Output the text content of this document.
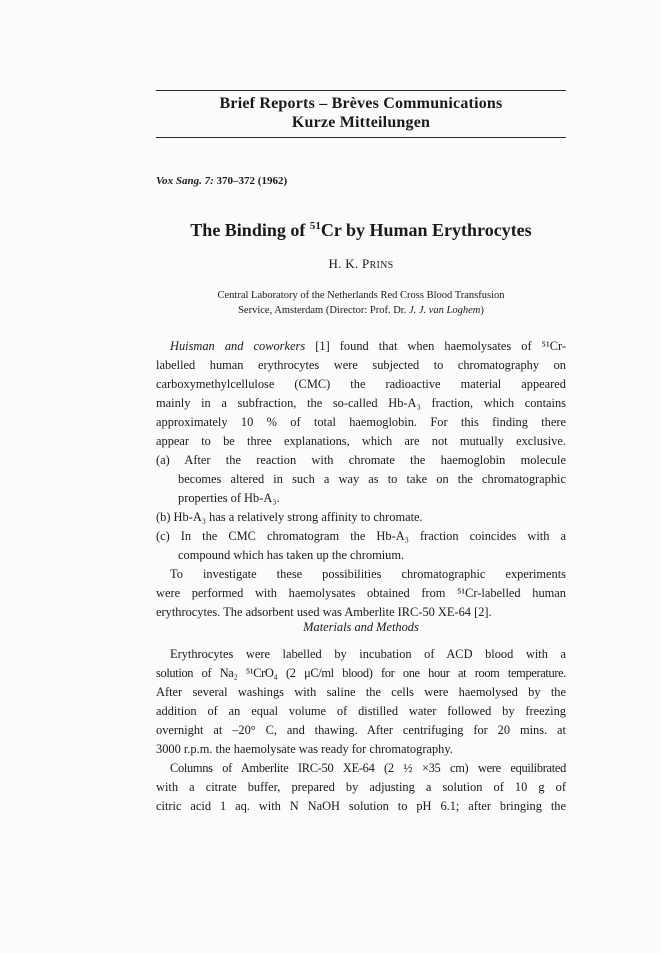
Brief Reports – Brèves Communications
Kurze Mitteilungen
Vox Sang. 7: 370–372 (1962)
The Binding of $^{51}$Cr by Human Erythrocytes
H. K. PRINS
Central Laboratory of the Netherlands Red Cross Blood Transfusion
Service, Amsterdam (Director: Prof. Dr. J. J. van Loghem)
Huisman and coworkers [1] found that when haemolysates of ⁵¹Cr-
labelled human erythrocytes were subjected to chromatography on
carboxymethylcellulose (CMC) the radioactive material appeared
mainly in a subfraction, the so-called Hb-A₃ fraction, which contains
approximately 10 % of total haemoglobin. For this finding there
appear to be three explanations, which are not mutually exclusive.
(a) After the reaction with chromate the haemoglobin molecule
becomes altered in such a way as to take on the chromatographic
properties of Hb-A₃.
(b) Hb-A₃ has a relatively strong affinity to chromate.
(c) In the CMC chromatogram the Hb-A₃ fraction coincides with a
compound which has taken up the chromium.
To investigate these possibilities chromatographic experiments
were performed with haemolysates obtained from ⁵¹Cr-labelled human
erythrocytes. The adsorbent used was Amberlite IRC-50 XE-64 [2].
Materials and Methods
Erythrocytes were labelled by incubation of ACD blood with a
solution of Na₂ ⁵¹CrO₄ (2 μC/ml blood) for one hour at room temperature.
After several washings with saline the cells were haemolysed by the
addition of an equal volume of distilled water followed by freezing
overnight at –20° C, and thawing. After centrifuging for 20 mins. at
3000 r.p.m. the haemolysate was ready for chromatography.
Columns of Amberlite IRC-50 XE-64 (2 ½ ×35 cm) were equilibrated
with a citrate buffer, prepared by adjusting a solution of 10 g of
citric acid 1 aq. with N NaOH solution to pH 6.1; after bringing the
